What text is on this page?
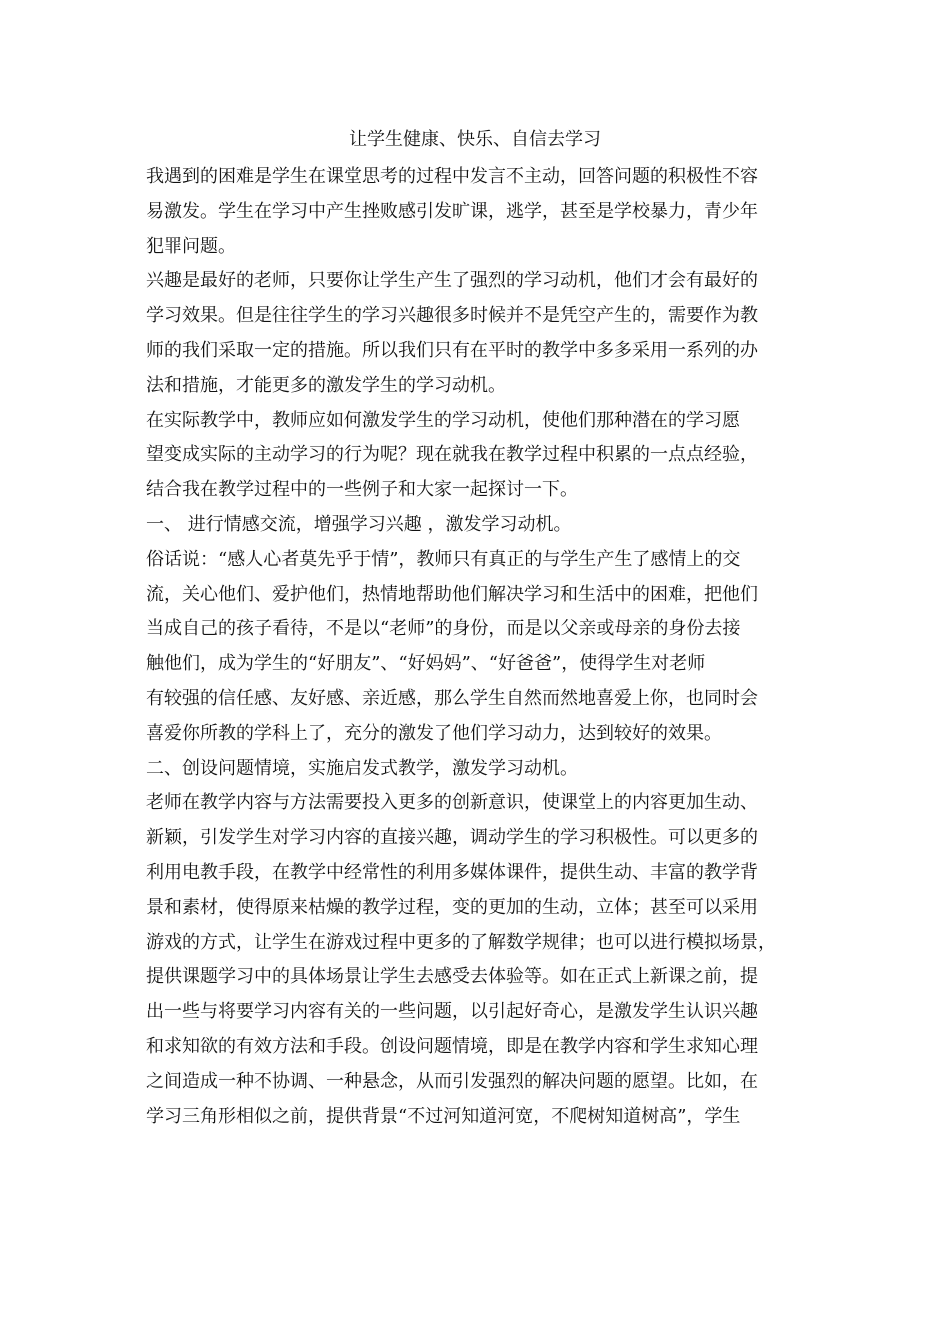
让学生健康、快乐、自信去学习
我遇到的困难是学生在课堂思考的过程中发言不主动，回答问题的积极性不容
易激发。学生在学习中产生挫败感引发旷课，逃学，甚至是学校暴力，青少年
犯罪问题。
兴趣是最好的老师，只要你让学生产生了强烈的学习动机，他们才会有最好的
学习效果。但是往往学生的学习兴趣很多时候并不是凭空产生的，需要作为教
师的我们采取一定的措施。所以我们只有在平时的教学中多多采用一系列的办
法和措施，才能更多的激发学生的学习动机。
在实际教学中，教师应如何激发学生的学习动机，使他们那种潜在的学习愿
望变成实际的主动学习的行为呢？现在就我在教学过程中积累的一点点经验，
结合我在教学过程中的一些例子和大家一起探讨一下。
一、 进行情感交流，增强学习兴趣 ，激发学习动机。
俗话说：“感人心者莫先乎于情”，教师只有真正的与学生产生了感情上的交
流，关心他们、爱护他们，热情地帮助他们解决学习和生活中的困难，把他们
当成自己的孩子看待，不是以“老师”的身份，而是以父亲或母亲的身份去接
触他们，成为学生的“好朋友”、“好妈妈”、“好爸爸”，使得学生对老师
有较强的信任感、友好感、亲近感，那么学生自然而然地喜爱上你，也同时会
喜爱你所教的学科上了，充分的激发了他们学习动力，达到较好的效果。
二、创设问题情境，实施启发式教学，激发学习动机。
老师在教学内容与方法需要投入更多的创新意识，使课堂上的内容更加生动、
新颖，引发学生对学习内容的直接兴趣，调动学生的学习积极性。可以更多的
利用电教手段，在教学中经常性的利用多媒体课件，提供生动、丰富的教学背
景和素材，使得原来枯燥的教学过程，变的更加的生动，立体；甚至可以采用
游戏的方式，让学生在游戏过程中更多的了解数学规律；也可以进行模拟场景，
提供课题学习中的具体场景让学生去感受去体验等。如在正式上新课之前，提
出一些与将要学习内容有关的一些问题，以引起好奇心，是激发学生认识兴趣
和求知欲的有效方法和手段。创设问题情境，即是在教学内容和学生求知心理
之间造成一种不协调、一种悬念，从而引发强烈的解决问题的愿望。比如，在
学习三角形相似之前，提供背景“不过河知道河宽，不爬树知道树高”，学生
